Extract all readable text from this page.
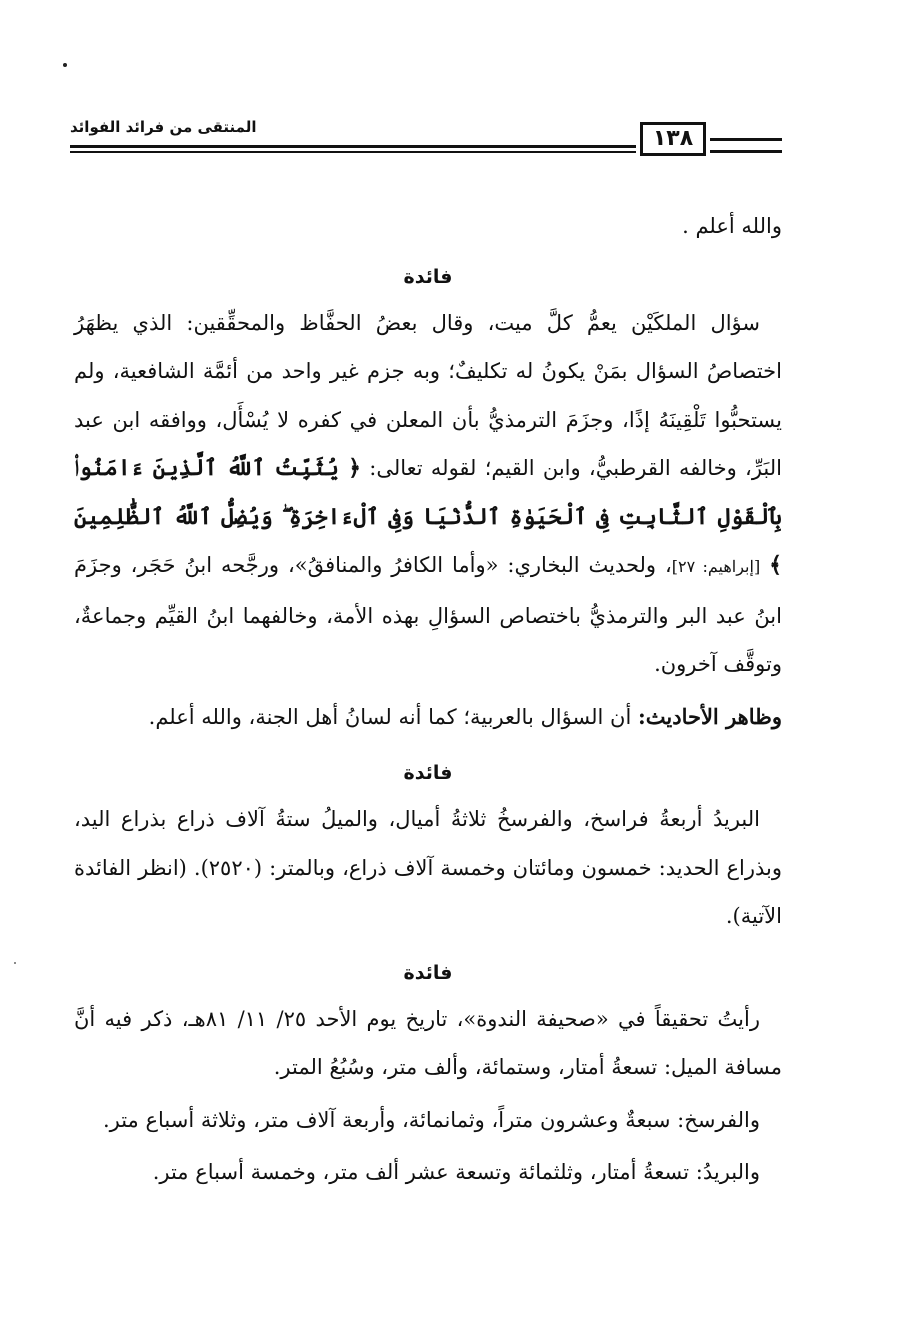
المنتقى من فرائد الفوائد	١٣٨

والله أعلم .

فائدة

سؤال الملكَيْن يعمُّ كلَّ ميت، وقال بعضُ الحفَّاظ والمحقِّقين: الذي يظهَرُ اختصاصُ السؤال بمَنْ يكونُ له تكليفٌ؛ وبه جزم غير واحد من أئمَّة الشافعية، ولم يستحبُّوا تَلْقِينَهُ إذًا، وجزَمَ الترمذيُّ بأن المعلن في كفره لا يُسْأَل، ووافقه ابن عبد البَرِّ، وخالفه القرطبيُّ، وابن القيم؛ لقوله تعالى: ﴿ يُثَبِّتُ ٱللَّهُ ٱلَّذِينَ ءَامَنُوا۟ بِٱلْقَوْلِ ٱلثَّابِتِ فِى ٱلْحَيَوٰةِ ٱلدُّنْيَا وَفِى ٱلْءَاخِرَةِ ۖ وَيُضِلُّ ٱللَّهُ ٱلظَّٰلِمِينَ ﴾ [إبراهيم: ٢٧]، ولحديث البخاري: «وأما الكافرُ والمنافقُ»، ورجَّحه ابنُ حَجَر، وجزَمَ ابنُ عبد البر والترمذيُّ باختصاص السؤالِ بهذه الأمة، وخالفهما ابنُ القيِّم وجماعةٌ، وتوقَّف آخرون.

وظاهر الأحاديث: أن السؤال بالعربية؛ كما أنه لسانُ أهل الجنة، والله أعلم.

فائدة

البريدُ أربعةُ فراسخ، والفرسخُ ثلاثةُ أميال، والميلُ ستةُ آلاف ذراع بذراع اليد، وبذراع الحديد: خمسون ومائتان وخمسة آلاف ذراع، وبالمتر: (٢٥٢٠). (انظر الفائدة الآتية).

فائدة

رأيتُ تحقيقاً في «صحيفة الندوة»، تاريخ يوم الأحد ٢٥/ ١١/ ٨١هـ، ذكر فيه أنَّ مسافة الميل: تسعةُ أمتار، وستمائة، وألف متر، وسُبُعُ المتر.

والفرسخ: سبعةٌ وعشرون متراً، وثمانمائة، وأربعة آلاف متر، وثلاثة أسباع متر.

والبريدُ: تسعةُ أمتار، وثلثمائة وتسعة عشر ألف متر، وخمسة أسباع متر.
